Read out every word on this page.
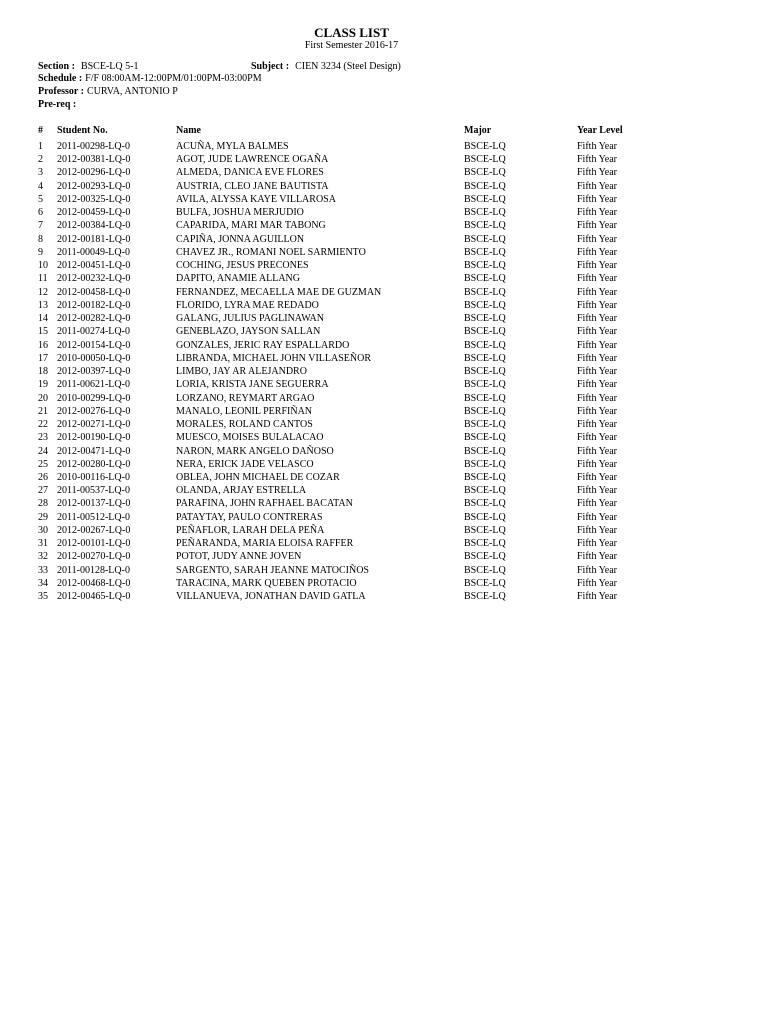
CLASS LIST
First Semester 2016-17
Section : BSCE-LQ 5-1	Subject : CIEN 3234 (Steel Design)
Schedule : F/F 08:00AM-12:00PM/01:00PM-03:00PM
Professor : CURVA, ANTONIO P
Pre-req :
# Student No.	Name	Major	Year Level
1 2011-00298-LQ-0	ACUÑA, MYLA BALMES	BSCE-LQ	Fifth Year
2 2012-00381-LQ-0	AGOT, JUDE LAWRENCE OGAÑA	BSCE-LQ	Fifth Year
3 2012-00296-LQ-0	ALMEDA, DANICA EVE FLORES	BSCE-LQ	Fifth Year
4 2012-00293-LQ-0	AUSTRIA, CLEO JANE BAUTISTA	BSCE-LQ	Fifth Year
5 2012-00325-LQ-0	AVILA, ALYSSA KAYE VILLAROSA	BSCE-LQ	Fifth Year
6 2012-00459-LQ-0	BULFA, JOSHUA MERJUDIO	BSCE-LQ	Fifth Year
7 2012-00384-LQ-0	CAPARIDA, MARI MAR TABONG	BSCE-LQ	Fifth Year
8 2012-00181-LQ-0	CAPIÑA, JONNA AGUILLON	BSCE-LQ	Fifth Year
9 2011-00049-LQ-0	CHAVEZ JR., ROMANI NOEL SARMIENTO	BSCE-LQ	Fifth Year
10 2012-00451-LQ-0	COCHING, JESUS PRECONES	BSCE-LQ	Fifth Year
11 2012-00232-LQ-0	DAPITO, ANAMIE ALLANG	BSCE-LQ	Fifth Year
12 2012-00458-LQ-0	FERNANDEZ, MECAELLA MAE DE GUZMAN	BSCE-LQ	Fifth Year
13 2012-00182-LQ-0	FLORIDO, LYRA MAE REDADO	BSCE-LQ	Fifth Year
14 2012-00282-LQ-0	GALANG, JULIUS PAGLINAWAN	BSCE-LQ	Fifth Year
15 2011-00274-LQ-0	GENEBLAZO, JAYSON SALLAN	BSCE-LQ	Fifth Year
16 2012-00154-LQ-0	GONZALES, JERIC RAY ESPALLARDO	BSCE-LQ	Fifth Year
17 2010-00050-LQ-0	LIBRANDA, MICHAEL JOHN VILLASEÑOR	BSCE-LQ	Fifth Year
18 2012-00397-LQ-0	LIMBO, JAY AR ALEJANDRO	BSCE-LQ	Fifth Year
19 2011-00621-LQ-0	LORIA, KRISTA JANE SEGUERRA	BSCE-LQ	Fifth Year
20 2010-00299-LQ-0	LORZANO, REYMART ARGAO	BSCE-LQ	Fifth Year
21 2012-00276-LQ-0	MANALO, LEONIL PERFIÑAN	BSCE-LQ	Fifth Year
22 2012-00271-LQ-0	MORALES, ROLAND CANTOS	BSCE-LQ	Fifth Year
23 2012-00190-LQ-0	MUESCO, MOISES BULALACAO	BSCE-LQ	Fifth Year
24 2012-00471-LQ-0	NARON, MARK ANGELO DAÑOSO	BSCE-LQ	Fifth Year
25 2012-00280-LQ-0	NERA, ERICK JADE VELASCO	BSCE-LQ	Fifth Year
26 2010-00116-LQ-0	OBLEA, JOHN MICHAEL DE COZAR	BSCE-LQ	Fifth Year
27 2011-00537-LQ-0	OLANDA, ARJAY ESTRELLA	BSCE-LQ	Fifth Year
28 2012-00137-LQ-0	PARAFINA, JOHN RAFHAEL BACATAN	BSCE-LQ	Fifth Year
29 2011-00512-LQ-0	PATAYTAY, PAULO CONTRERAS	BSCE-LQ	Fifth Year
30 2012-00267-LQ-0	PEÑAFLOR, LARAH DELA PEÑA	BSCE-LQ	Fifth Year
31 2012-00101-LQ-0	PEÑARANDA, MARIA ELOISA RAFFER	BSCE-LQ	Fifth Year
32 2012-00270-LQ-0	POTOT, JUDY ANNE JOVEN	BSCE-LQ	Fifth Year
33 2011-00128-LQ-0	SARGENTO, SARAH JEANNE MATOCIÑOS	BSCE-LQ	Fifth Year
34 2012-00468-LQ-0	TARACINA, MARK QUEBEN PROTACIO	BSCE-LQ	Fifth Year
35 2012-00465-LQ-0	VILLANUEVA, JONATHAN DAVID GATLA	BSCE-LQ	Fifth Year
